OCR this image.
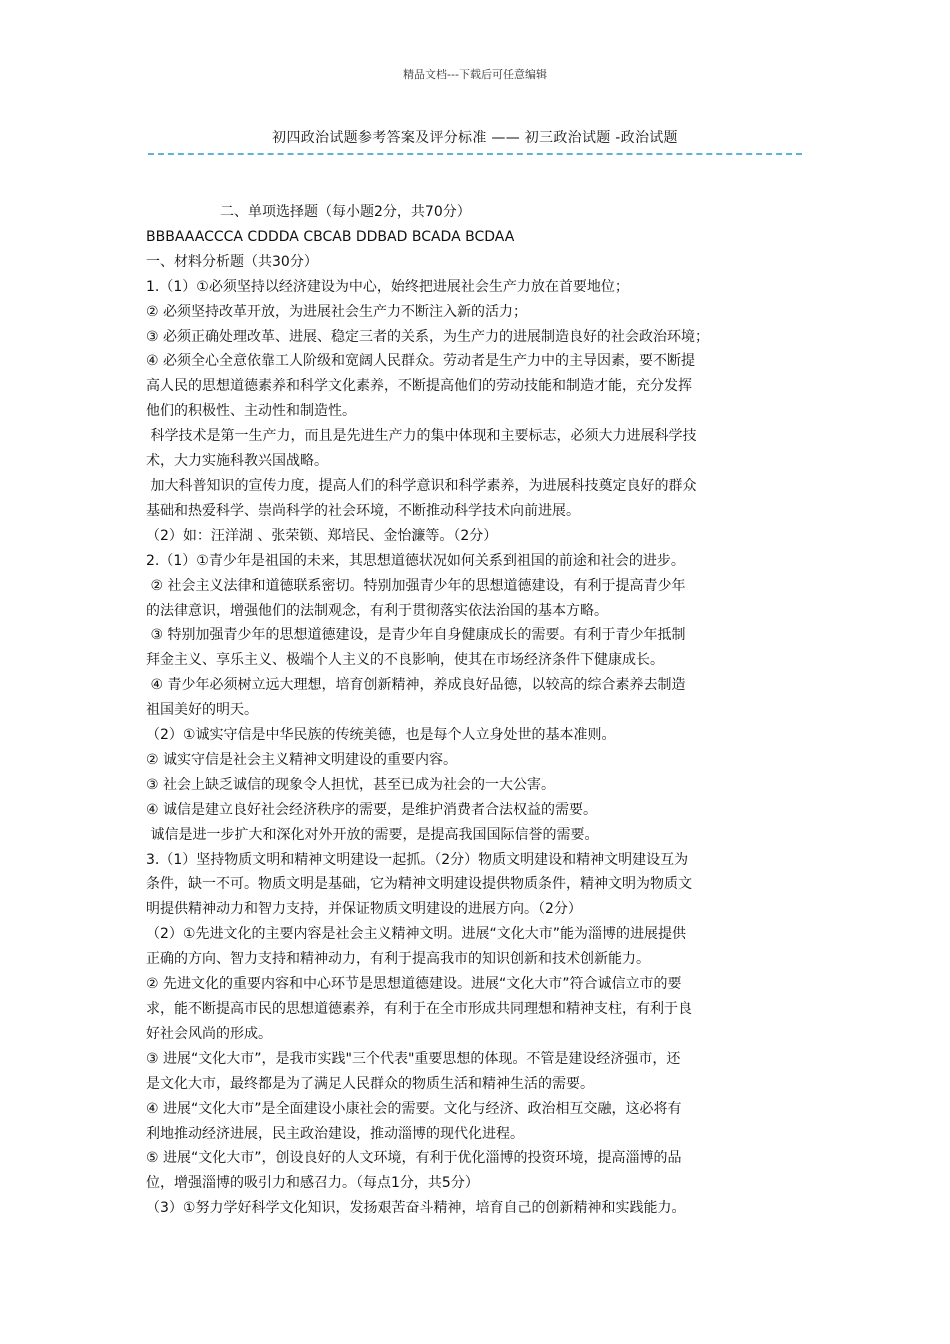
精品文档---下载后可任意编辑
初四政治试题参考答案及评分标准 —— 初三政治试题 -政治试题
二、单项选择题（每小题2分，共70分）
BBBAAACCCA CDDDA CBCAB DDBAD BCADA BCDAA
一、材料分析题（共30分）
1.（1）①必须坚持以经济建设为中心，始终把进展社会生产力放在首要地位；
② 必须坚持改革开放，为进展社会生产力不断注入新的活力；
③ 必须正确处理改革、进展、稳定三者的关系，为生产力的进展制造良好的社会政治环境；
④ 必须全心全意依靠工人阶级和宽阔人民群众。劳动者是生产力中的主导因素，要不断提
高人民的思想道德素养和科学文化素养，不断提高他们的劳动技能和制造才能，充分发挥
他们的积极性、主动性和制造性。
科学技术是第一生产力，而且是先进生产力的集中体现和主要标志，必须大力进展科学技
术，大力实施科教兴国战略。
加大科普知识的宣传力度，提高人们的科学意识和科学素养，为进展科技奠定良好的群众
基础和热爱科学、崇尚科学的社会环境，不断推动科学技术向前进展。
（2）如：汪洋湖 、张荣锁、郑培民、金怡濂等。（2分）
2.（1）①青少年是祖国的未来，其思想道德状况如何关系到祖国的前途和社会的进步。
② 社会主义法律和道德联系密切。特别加强青少年的思想道德建设，有利于提高青少年
的法律意识，增强他们的法制观念，有利于贯彻落实依法治国的基本方略。
③ 特别加强青少年的思想道德建设，是青少年自身健康成长的需要。有利于青少年抵制
拜金主义、享乐主义、极端个人主义的不良影响，使其在市场经济条件下健康成长。
④ 青少年必须树立远大理想，培育创新精神，养成良好品德，以较高的综合素养去制造
祖国美好的明天。
（2）①诚实守信是中华民族的传统美德，也是每个人立身处世的基本准则。
② 诚实守信是社会主义精神文明建设的重要内容。
③ 社会上缺乏诚信的现象令人担忧，甚至已成为社会的一大公害。
④ 诚信是建立良好社会经济秩序的需要，是维护消费者合法权益的需要。
诚信是进一步扩大和深化对外开放的需要，是提高我国国际信誉的需要。
3.（1）坚持物质文明和精神文明建设一起抓。（2分）物质文明建设和精神文明建设互为
条件，缺一不可。物质文明是基础，它为精神文明建设提供物质条件，精神文明为物质文
明提供精神动力和智力支持，并保证物质文明建设的进展方向。（2分）
（2）①先进文化的主要内容是社会主义精神文明。进展“文化大市”能为淄博的进展提供
正确的方向、智力支持和精神动力，有利于提高我市的知识创新和技术创新能力。
② 先进文化的重要内容和中心环节是思想道德建设。进展“文化大市”符合诚信立市的要
求，能不断提高市民的思想道德素养，有利于在全市形成共同理想和精神支柱，有利于良
好社会风尚的形成。
③ 进展“文化大市”，是我市实践"三个代表"重要思想的体现。不管是建设经济强市，还
是文化大市，最终都是为了满足人民群众的物质生活和精神生活的需要。
④ 进展“文化大市”是全面建设小康社会的需要。文化与经济、政治相互交融，这必将有
利地推动经济进展，民主政治建设，推动淄博的现代化进程。
⑤ 进展“文化大市”，创设良好的人文环境，有利于优化淄博的投资环境，提高淄博的品
位，增强淄博的吸引力和感召力。（每点1分，共5分）
（3）①努力学好科学文化知识，发扬艰苦奋斗精神，培育自己的创新精神和实践能力。
